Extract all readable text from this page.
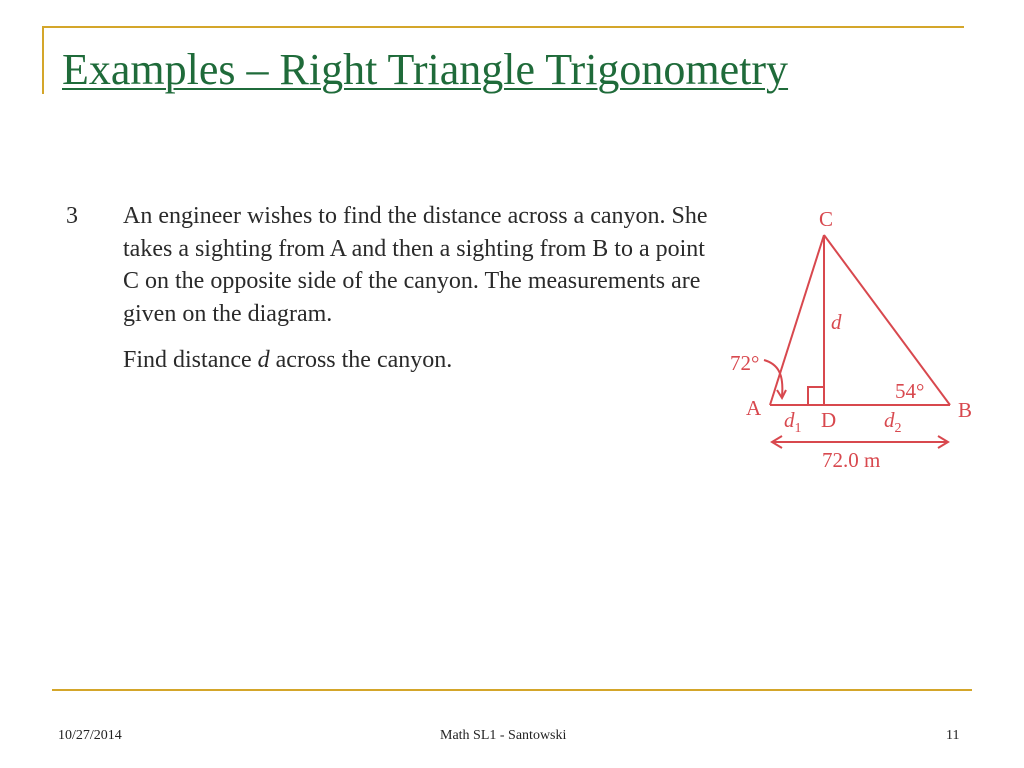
Examples – Right Triangle Trigonometry
3	An engineer wishes to find the distance across a canyon. She takes a sighting from A and then a sighting from B to a point C on the opposite side of the canyon. The measurements are given on the diagram.

Find distance d across the canyon.

C
A	B
D
d
72°
54°
$d_1$	$d_2$
72.0 m
10/27/2014	Math SL1 - Santowski	11
